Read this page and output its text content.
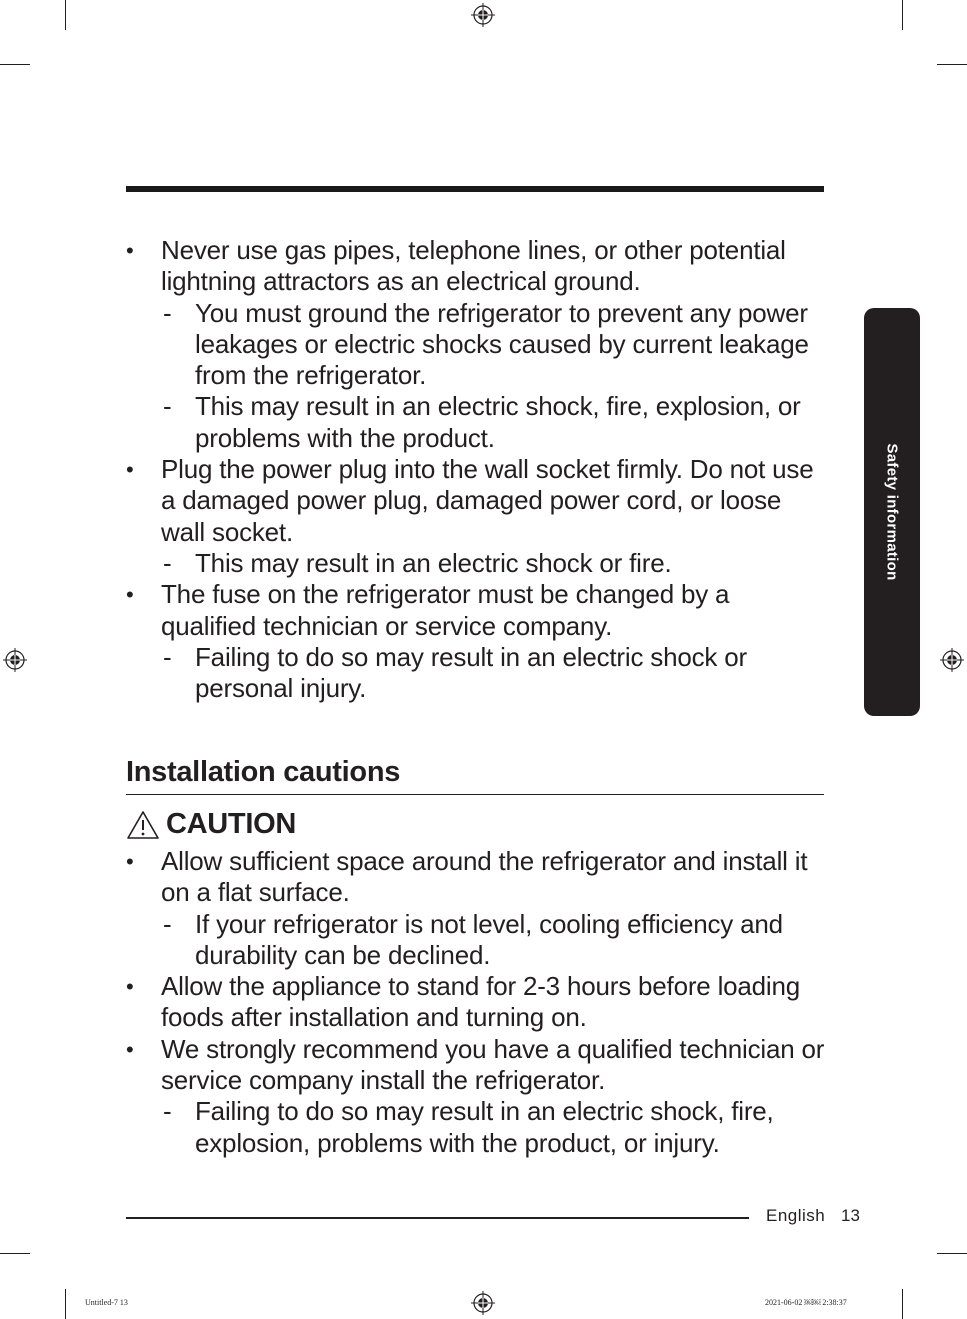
• Never use gas pipes, telephone lines, or other potential lightning attractors as an electrical ground.
- You must ground the refrigerator to prevent any power leakages or electric shocks caused by current leakage from the refrigerator.
- This may result in an electric shock, fire, explosion, or problems with the product.
• Plug the power plug into the wall socket firmly. Do not use a damaged power plug, damaged power cord, or loose wall socket.
- This may result in an electric shock or fire.
• The fuse on the refrigerator must be changed by a qualified technician or service company.
- Failing to do so may result in an electric shock or personal injury.
Installation cautions
CAUTION
• Allow sufficient space around the refrigerator and install it on a flat surface.
- If your refrigerator is not level, cooling efficiency and durability can be declined.
• Allow the appliance to stand for 2-3 hours before loading foods after installation and turning on.
• We strongly recommend you have a qualified technician or service company install the refrigerator.
- Failing to do so may result in an electric shock, fire, explosion, problems with the product, or injury.
Safety information
English 13
Untitled-7 13	2021-06-02 ￼￼ 2:38:37
